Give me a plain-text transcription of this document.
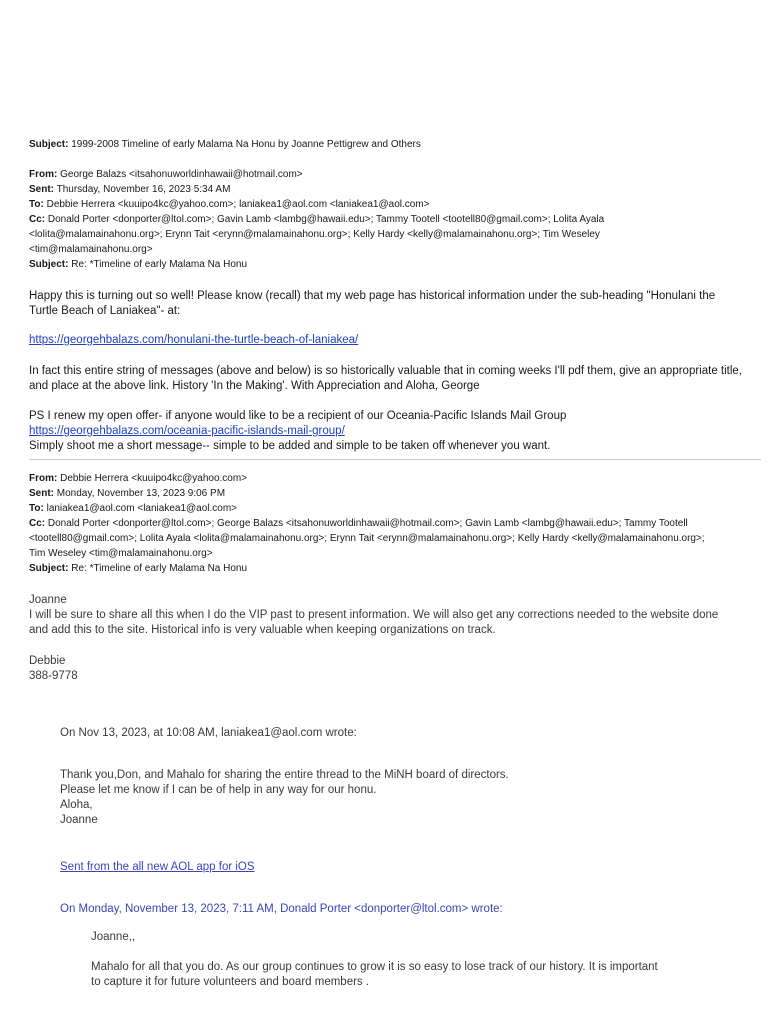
Subject: 1999-2008 Timeline of early Malama Na Honu by Joanne Pettigrew and Others
From: George Balazs <itsahonuworldinhawaii@hotmail.com>
Sent: Thursday, November 16, 2023 5:34 AM
To: Debbie Herrera <kuuipo4kc@yahoo.com>; laniakea1@aol.com <laniakea1@aol.com>
Cc: Donald Porter <donporter@ltol.com>; Gavin Lamb <lambg@hawaii.edu>; Tammy Tootell <tootell80@gmail.com>; Lolita Ayala
<lolita@malamainahonu.org>; Erynn Tait <erynn@malamainahonu.org>; Kelly Hardy <kelly@malamainahonu.org>; Tim Weseley
<tim@malamainahonu.org>
Subject: Re: *Timeline of early Malama Na Honu

Happy this is turning out so well! Please know (recall) that my web page has historical information under the sub-heading "Honulani the

Turtle Beach of Laniakea"- at:

https://georgehbalazs.com/honulani-the-turtle-beach-of-laniakea/

In fact this entire string of messages (above and below) is so historically valuable that in coming weeks I'll pdf them, give an appropriate title,

and place at the above link. History 'In the Making'. With Appreciation and Aloha, George

PS I renew my open offer- if anyone would like to be a recipient of our Oceania-Pacific Islands Mail Group

https://georgehbalazs.com/oceania-pacific-islands-mail-group/

Simply shoot me a short message-- simple to be added and simple to be taken off whenever you want.

From: Debbie Herrera <kuuipo4kc@yahoo.com>
Sent: Monday, November 13, 2023 9:06 PM
To: laniakea1@aol.com <laniakea1@aol.com>
Cc: Donald Porter <donporter@ltol.com>; George Balazs <itsahonuworldinhawaii@hotmail.com>; Gavin Lamb <lambg@hawaii.edu>; Tammy Tootell
<tootell80@gmail.com>; Lolita Ayala <lolita@malamainahonu.org>; Erynn Tait <erynn@malamainahonu.org>; Kelly Hardy <kelly@malamainahonu.org>;
Tim Weseley <tim@malamainahonu.org>
Subject: Re: *Timeline of early Malama Na Honu

Joanne

I will be sure to share all this when I do the VIP past to present information. We will also get any corrections needed to the website done

and add this to the site. Historical info is very valuable when keeping organizations on track.

Debbie

388-9778

On Nov 13, 2023, at 10:08 AM, laniakea1@aol.com wrote:

Thank you,Don, and Mahalo for sharing the entire thread to the MiNH board of directors.

Please let me know if I can be of help in any way for our honu.

Aloha,

Joanne

Sent from the all new AOL app for iOS
On Monday, November 13, 2023, 7:11 AM, Donald Porter <donporter@ltol.com> wrote:
Joanne,,

Mahalo for all that you do. As our group continues to grow it is so easy to lose track of our history. It is important

to capture it for future volunteers and board members .
